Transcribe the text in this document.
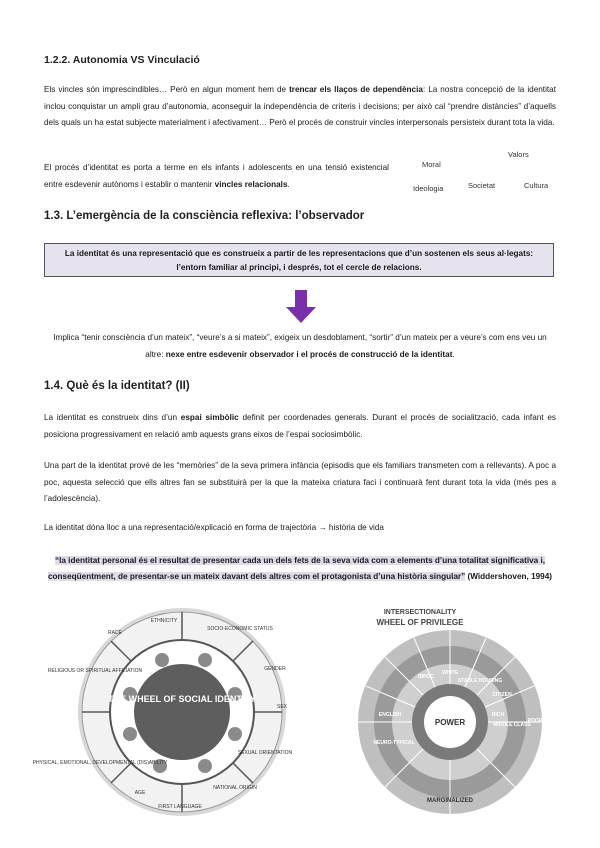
1.2.2. Autonomia VS Vinculació
Els vincles són imprescindibles… Però en algun moment hem de trencar els llaços de dependència: La nostra concepció de la identitat inclou conquistar un ampli grau d’autonomia, aconseguir la independència de criteris i decisions; per això cal “prendre distàncies” d’aquells dels quals un ha estat subjecte materialment i afectivament… Però el procés de construir vincles interpersonals persisteix durant tota la vida.
El procés d’identitat es porta a terme en els infants i adolescents en una tensió existencial entre esdevenir autònoms i establir o mantenir vincles relacionals.
Valors
Moral
Ideologia	Societat	Cultura
1.3. L’emergència de la consciència reflexiva: l’observador
La identitat és una representació que es construeix a partir de les representacions que d’un sostenen els seus al·legats: l’entorn familiar al principi, i després, tot el cercle de relacions.
Implica “tenir consciència d’un mateix”, “veure’s a si mateix”, exigeix un desdoblament, “sortir” d’un mateix per a veure’s com ens veu un altre: nexe entre esdevenir observador i el procés de construcció de la identitat.
1.4. Què és la identitat? (II)
La identitat es construeix dins d’un espai simbòlic definit per coordenades generals. Durant el procés de socialització, cada infant es posiciona progressivament en relació amb aquests grans eixos de l’espai sociosimbòlic.
Una part de la identitat prové de les “memòries” de la seva primera infància (episodis que els familiars transmeten com a rellevants). A poc a poc, aquesta selecció que ells altres fan se substituirà per la que la mateixa criatura faci i continuarà fent durant tota la vida (més pes a l’adolescència).
La identitat dóna lloc a una representació/explicació en forma de trajectòria → història de vida
“la identitat personal és el resultat de presentar cada un dels fets de la seva vida com a elements d’una totalitat significativa i, conseqüentment, de presentar-se un mateix davant dels altres com el protagonista d’una història singular” (Widdershoven, 1994)
THE WHEEL OF SOCIAL IDENTITY
ETHNICITY
RACE
SOCIO-ECONOMIC STATUS
GENDER
SEX
SEXUAL ORIENTATION
NATIONAL ORIGIN
FIRST LANGUAGE
PHYSICAL, EMOTIONAL, DEVELOPMENTAL (DIS)ABILITY
RELIGIOUS OR SPIRITUAL AFFILIATION
AGE
INTERSECTIONALITY
WHEEL OF PRIVILEGE
POWER
WHITE
BIPOC
STABLE HOUSING
CITIZEN
MIDDLE CLASS
RICH
POOR
ENGLISH
NEURO-TYPICAL
MARGINALIZED
